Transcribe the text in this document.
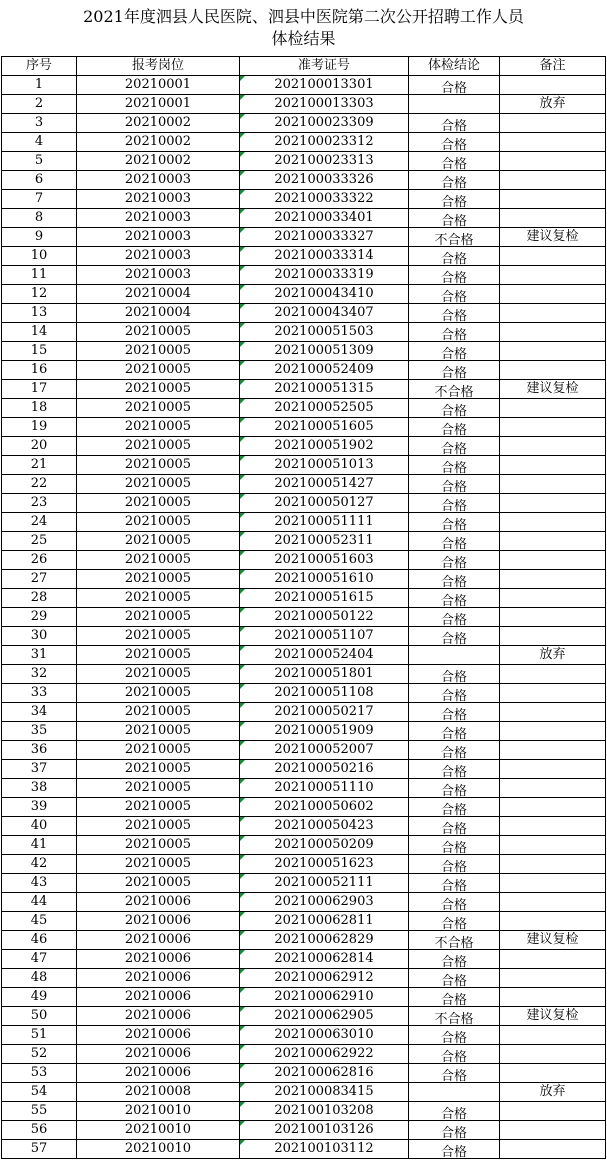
2021年度泗县人民医院、泗县中医院第二次公开招聘工作人员
体检结果
序号	报考岗位	准考证号	体检结论	备注
1	20210001	202100013301	合格	
2	20210001	202100013303		放弃
3	20210002	202100023309	合格	
4	20210002	202100023312	合格	
5	20210002	202100023313	合格	
6	20210003	202100033326	合格	
7	20210003	202100033322	合格	
8	20210003	202100033401	合格	
9	20210003	202100033327	不合格	建议复检
10	20210003	202100033314	合格	
11	20210003	202100033319	合格	
12	20210004	202100043410	合格	
13	20210004	202100043407	合格	
14	20210005	202100051503	合格	
15	20210005	202100051309	合格	
16	20210005	202100052409	合格	
17	20210005	202100051315	不合格	建议复检
18	20210005	202100052505	合格	
19	20210005	202100051605	合格	
20	20210005	202100051902	合格	
21	20210005	202100051013	合格	
22	20210005	202100051427	合格	
23	20210005	202100050127	合格	
24	20210005	202100051111	合格	
25	20210005	202100052311	合格	
26	20210005	202100051603	合格	
27	20210005	202100051610	合格	
28	20210005	202100051615	合格	
29	20210005	202100050122	合格	
30	20210005	202100051107	合格	
31	20210005	202100052404		放弃
32	20210005	202100051801	合格	
33	20210005	202100051108	合格	
34	20210005	202100050217	合格	
35	20210005	202100051909	合格	
36	20210005	202100052007	合格	
37	20210005	202100050216	合格	
38	20210005	202100051110	合格	
39	20210005	202100050602	合格	
40	20210005	202100050423	合格	
41	20210005	202100050209	合格	
42	20210005	202100051623	合格	
43	20210005	202100052111	合格	
44	20210006	202100062903	合格	
45	20210006	202100062811	合格	
46	20210006	202100062829	不合格	建议复检
47	20210006	202100062814	合格	
48	20210006	202100062912	合格	
49	20210006	202100062910	合格	
50	20210006	202100062905	不合格	建议复检
51	20210006	202100063010	合格	
52	20210006	202100062922	合格	
53	20210006	202100062816	合格	
54	20210008	202100083415		放弃
55	20210010	202100103208	合格	
56	20210010	202100103126	合格	
57	20210010	202100103112	合格	
